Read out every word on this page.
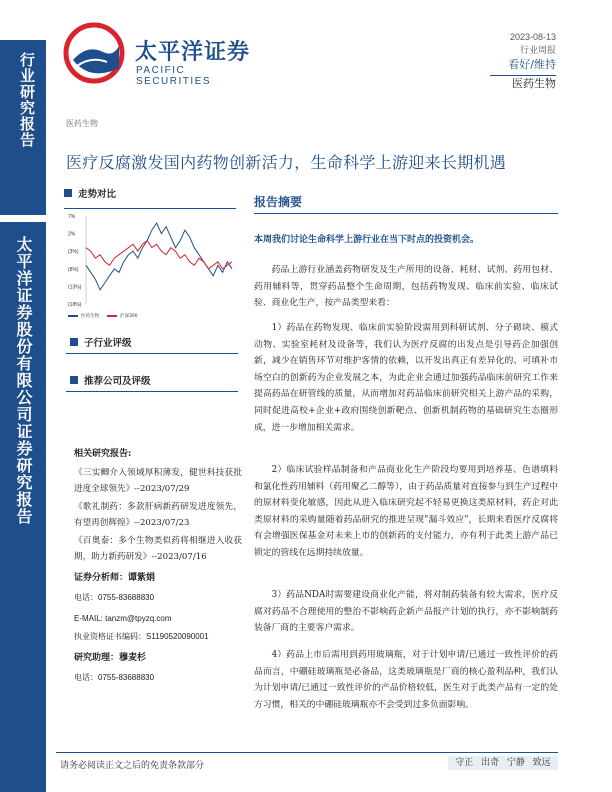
行业研究报告
太平洋证券股份有限公司证券研究报告
太平洋证券
PACIFIC SECURITIES
2023-08-13
行业周报
看好/维持
医药生物
医药生物
医疗反腐激发国内药物创新活力，生命科学上游迎来长期机遇
走势对比
7%
2%
(3%)
(8%)
(13%)
(18%)
医药生物	沪深300
子行业评级
推荐公司及评级
相关研究报告:
《三实鲫介入领域厚积薄发，健世科技获批进度全球领先》--2023/07/29
《歌礼制药：多款肝病新药研发进度领先，有望再创辉煌》--2023/07/23
《百奥泰：多个生物类似药将相继进入收获期，助力新药研发》--2023/07/16
证券分析师：谭紫娟
电话：0755-83688830
E-MAIL: tanzm@tpyzq.com
执业资格证书编码：S1190520090001
研究助理：穆麦杉
电话：0755-83688830
报告摘要
本周我们讨论生命科学上游行业在当下时点的投资机会。
药品上游行业涵盖药物研发及生产所用的设备、耗材、试剂、药用包材、药用辅料等，贯穿药品整个生命周期，包括药物发现、临床前实验、临床试验、商业化生产，按产品类型来看：
1）药品在药物发现、临床前实验阶段需用到科研试剂、分子砌块、模式动物、实验室耗材及设备等，我们认为医疗反腐的出发点是引导药企加强创新，减少在销售环节对维护客情的依赖，以开发出真正有差异化的、可填补市场空白的创新药为企业发展之本，为此企业会通过加强药品临床前研究工作来提高药品在研管线的质量，从而增加对药品临床前研究相关上游产品的采购，同时促进高校+企业+政府围绕创新靶点、创新机制药物的基础研究生态圈形成，进一步增加相关需求。
2）临床试验样品制备和产品商业化生产阶段均要用到培养基、色谱填料和氯化性药用辅料（药用聚乙二醇等），由于药品质量对直接参与到生产过程中的原材料变化敏感，因此从进入临床研究起不轻易更换这类原材料，药企对此类原材料的采购量随着药品研究的推进呈现"漏斗效应"，长期来看医疗反腐将有会增强医保基金对未来上市的创新药的支付能力，亦有利于此类上游产品已锁定的管线在远期持续放量。
3）药品NDA时需要建设商业化产能，将对制药装备有较大需求，医疗反腐对药品不合理使用的整治不影响药企新产品报产计划的执行，亦不影响制药装备厂商的主要客户需求。
4）药品上市后需用到药用玻璃瓶，对于计划申请/已通过一致性评价的药品而言，中硼硅玻璃瓶是必备品，这类玻璃瓶是厂商的核心盈利品种，我们认为计划申请/已通过一致性评价的产品价格较低，医生对于此类产品有一定的处方习惯，相关的中硼硅玻璃瓶亦不会受到过多负面影响。
请务必阅读正文之后的免责条款部分	守正 出奇 宁静 致远
